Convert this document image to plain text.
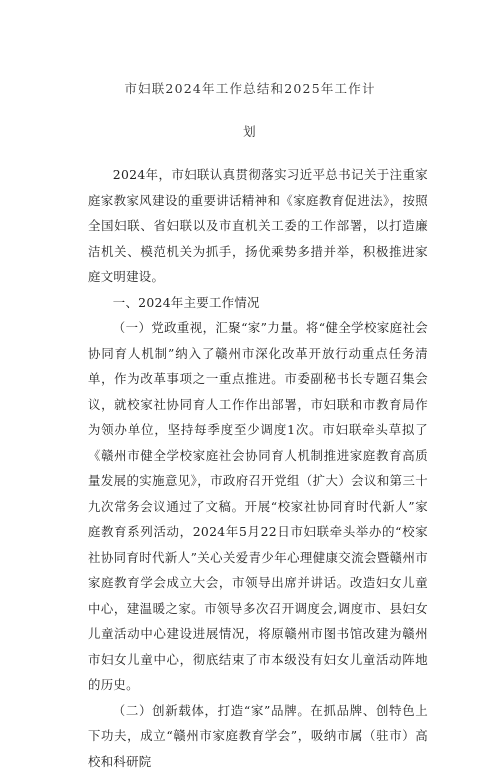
市妇联2024年工作总结和2025年工作计
划

2024年，市妇联认真贯彻落实习近平总书记关于注重家庭家教家风建设的重要讲话精神和《家庭教育促进法》，按照全国妇联、省妇联以及市直机关工委的工作部署，以打造廉洁机关、模范机关为抓手，扬优乘势多措并举，积极推进家庭文明建设。

一、2024年主要工作情况

（一）党政重视，汇聚“家”力量。将“健全学校家庭社会协同育人机制”纳入了赣州市深化改革开放行动重点任务清单，作为改革事项之一重点推进。市委副秘书长专题召集会议，就校家社协同育人工作作出部署，市妇联和市教育局作为领办单位，坚持每季度至少调度1次。市妇联牵头草拟了《赣州市健全学校家庭社会协同育人机制推进家庭教育高质量发展的实施意见》，市政府召开党组（扩大）会议和第三十九次常务会议通过了文稿。开展“校家社协同育时代新人”家庭教育系列活动，2024年5月22日市妇联牵头举办的“校家社协同育时代新人”关心关爱青少年心理健康交流会暨赣州市家庭教育学会成立大会，市领导出席并讲话。改造妇女儿童中心，建温暖之家。市领导多次召开调度会,调度市、县妇女儿童活动中心建设进展情况，将原赣州市图书馆改建为赣州市妇女儿童中心，彻底结束了市本级没有妇女儿童活动阵地的历史。

（二）创新载体，打造“家”品牌。在抓品牌、创特色上下功夫，成立“赣州市家庭教育学会”，吸纳市属（驻市）高校和科研院
